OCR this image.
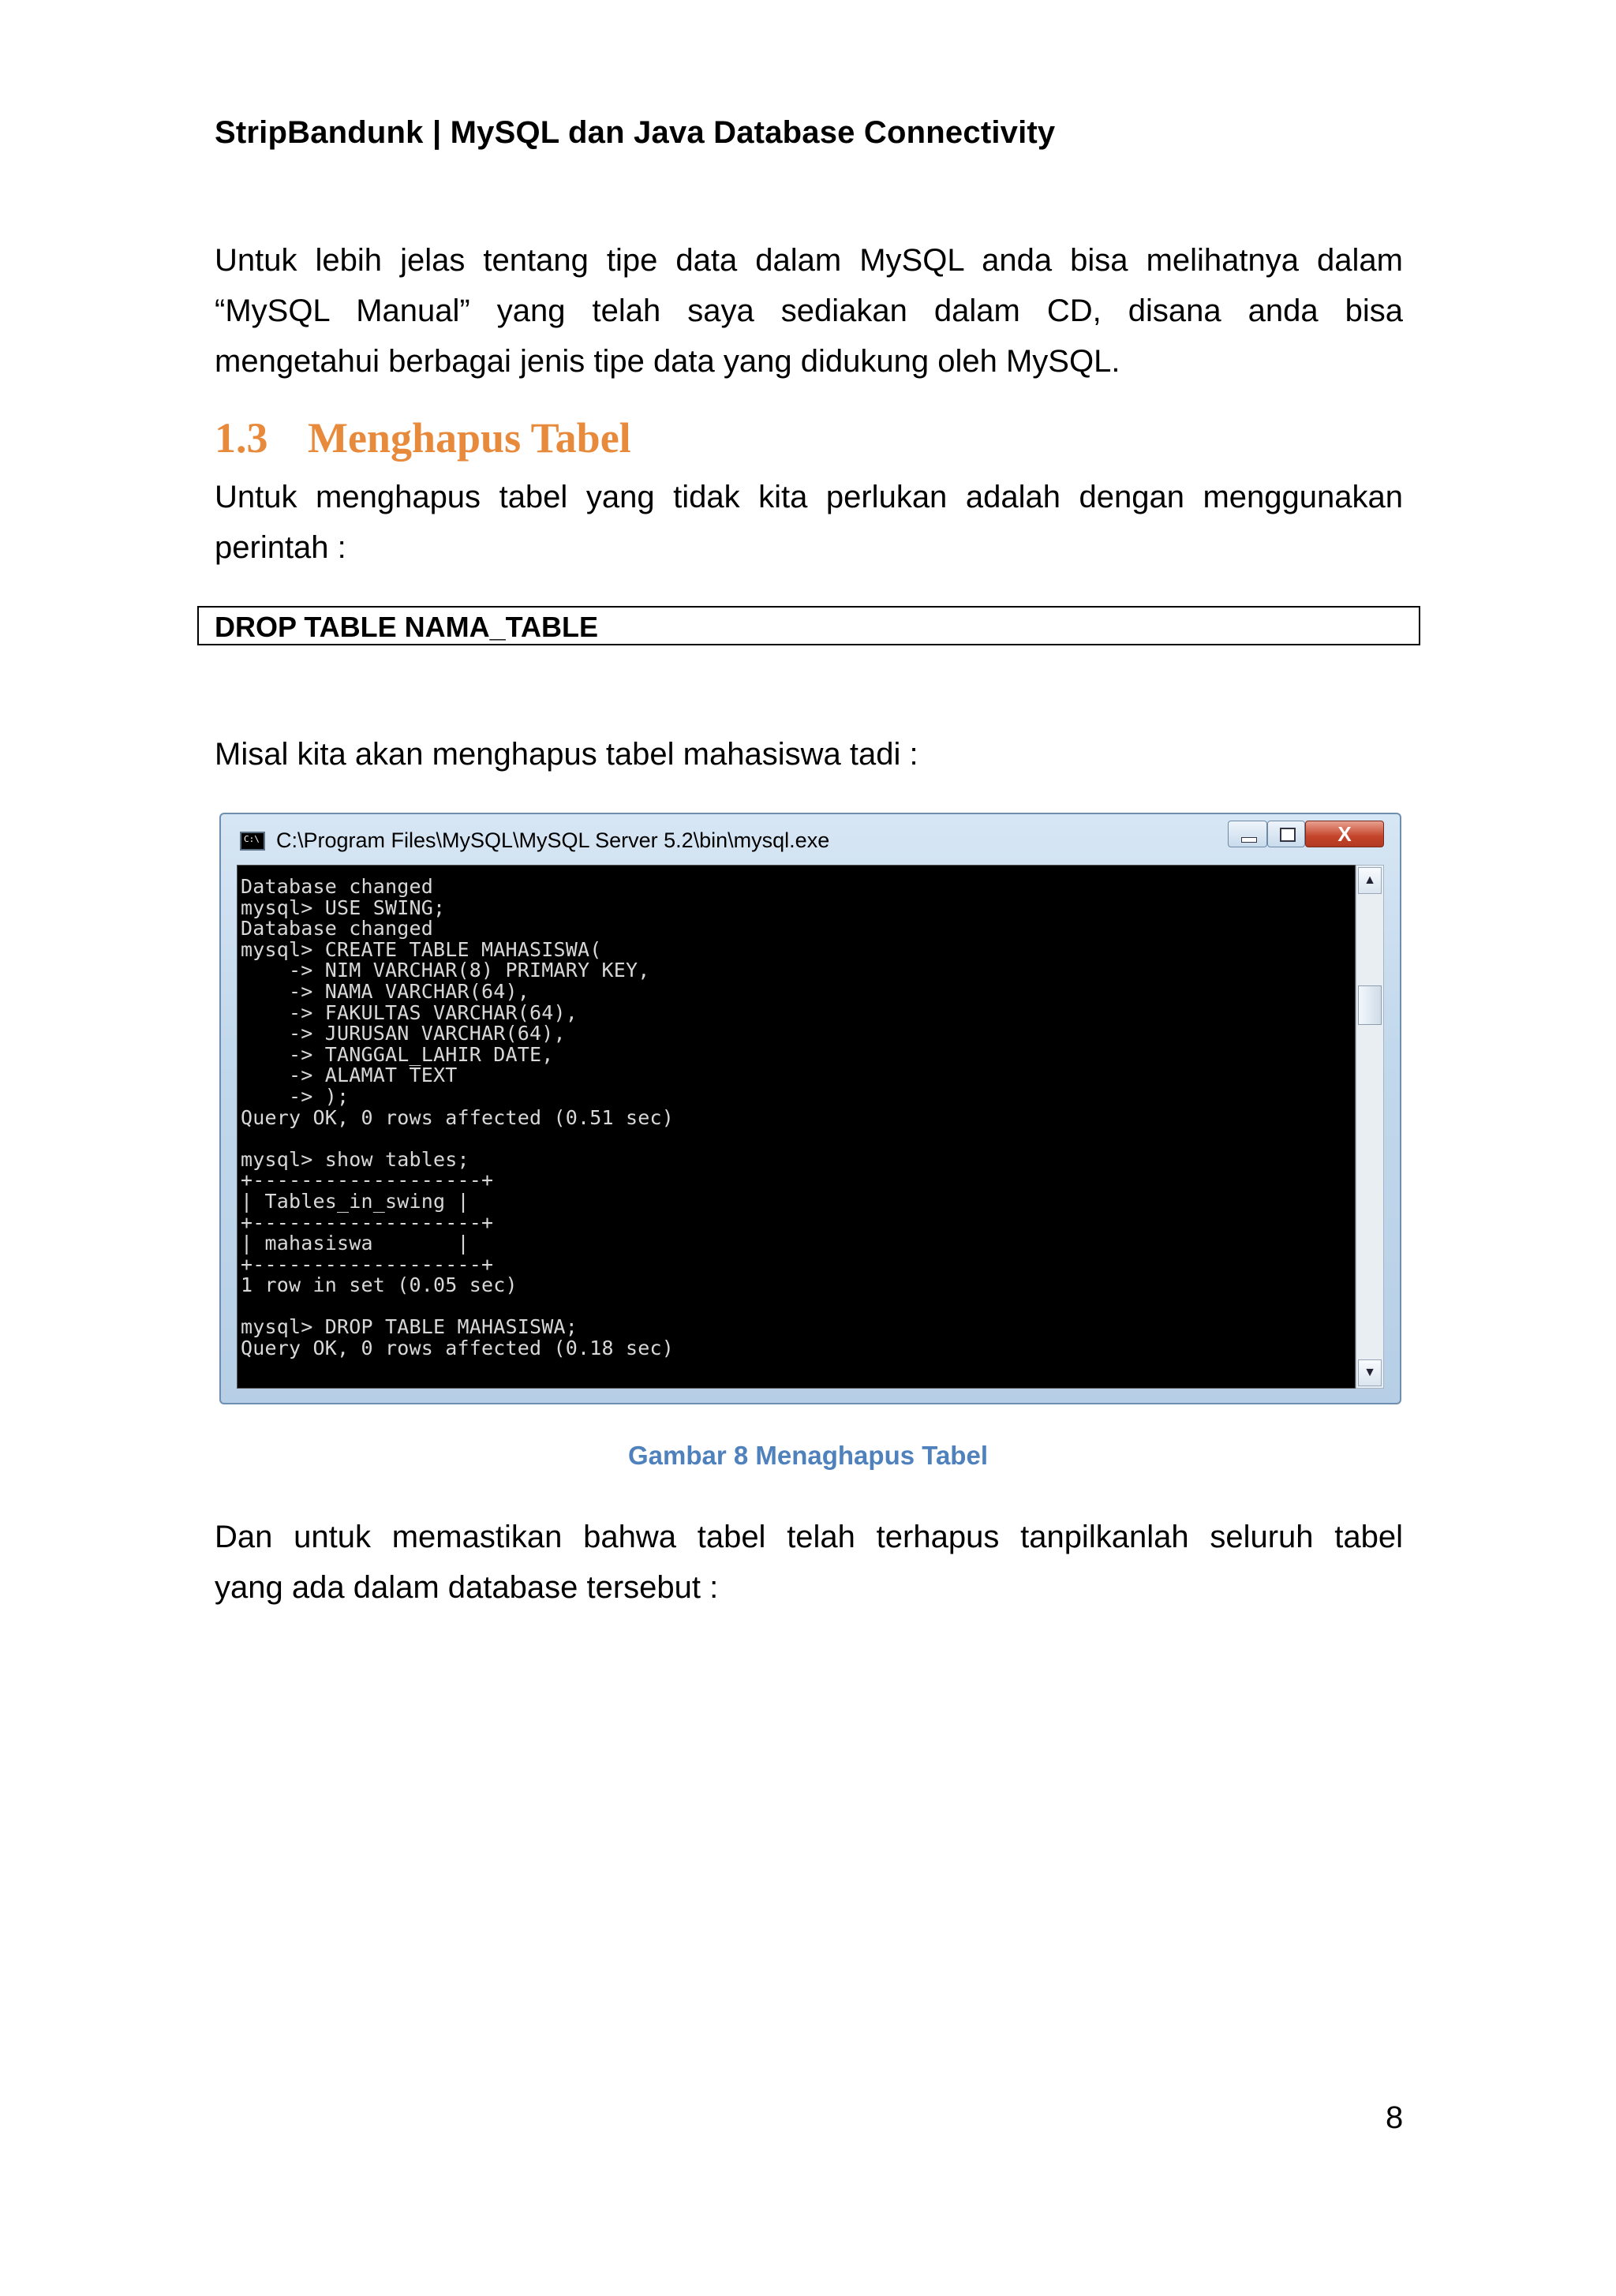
StripBandunk | MySQL dan Java Database Connectivity

Untuk lebih jelas tentang tipe data dalam MySQL anda bisa melihatnya dalam

“MySQL Manual” yang telah saya sediakan dalam CD, disana anda bisa

mengetahui berbagai jenis tipe data yang didukung oleh MySQL.

1.3 Menghapus Tabel

Untuk menghapus tabel yang tidak kita perlukan adalah dengan menggunakan

perintah :

DROP TABLE NAMA_TABLE

Misal kita akan menghapus tabel mahasiswa tadi :

C:\
C:\Program Files\MySQL\MySQL Server 5.2\bin\mysql.exe	X
Database changed
mysql> USE SWING;
Database changed
mysql> CREATE TABLE MAHASISWA(
-> NIM VARCHAR(8) PRIMARY KEY,
-> NAMA VARCHAR(64),
-> FAKULTAS VARCHAR(64),
-> JURUSAN VARCHAR(64),
-> TANGGAL_LAHIR DATE,
-> ALAMAT TEXT
-> );
Query OK, 0 rows affected (0.51 sec)

mysql> show tables;
+-------------------+
| Tables_in_swing |
+-------------------+
| mahasiswa       |
+-------------------+
1 row in set (0.05 sec)

mysql> DROP TABLE MAHASISWA;
Query OK, 0 rows affected (0.18 sec)
▲
▼
Gambar 8 Menaghapus Tabel

Dan untuk memastikan bahwa tabel telah terhapus tanpilkanlah seluruh tabel

yang ada dalam database tersebut :

8
